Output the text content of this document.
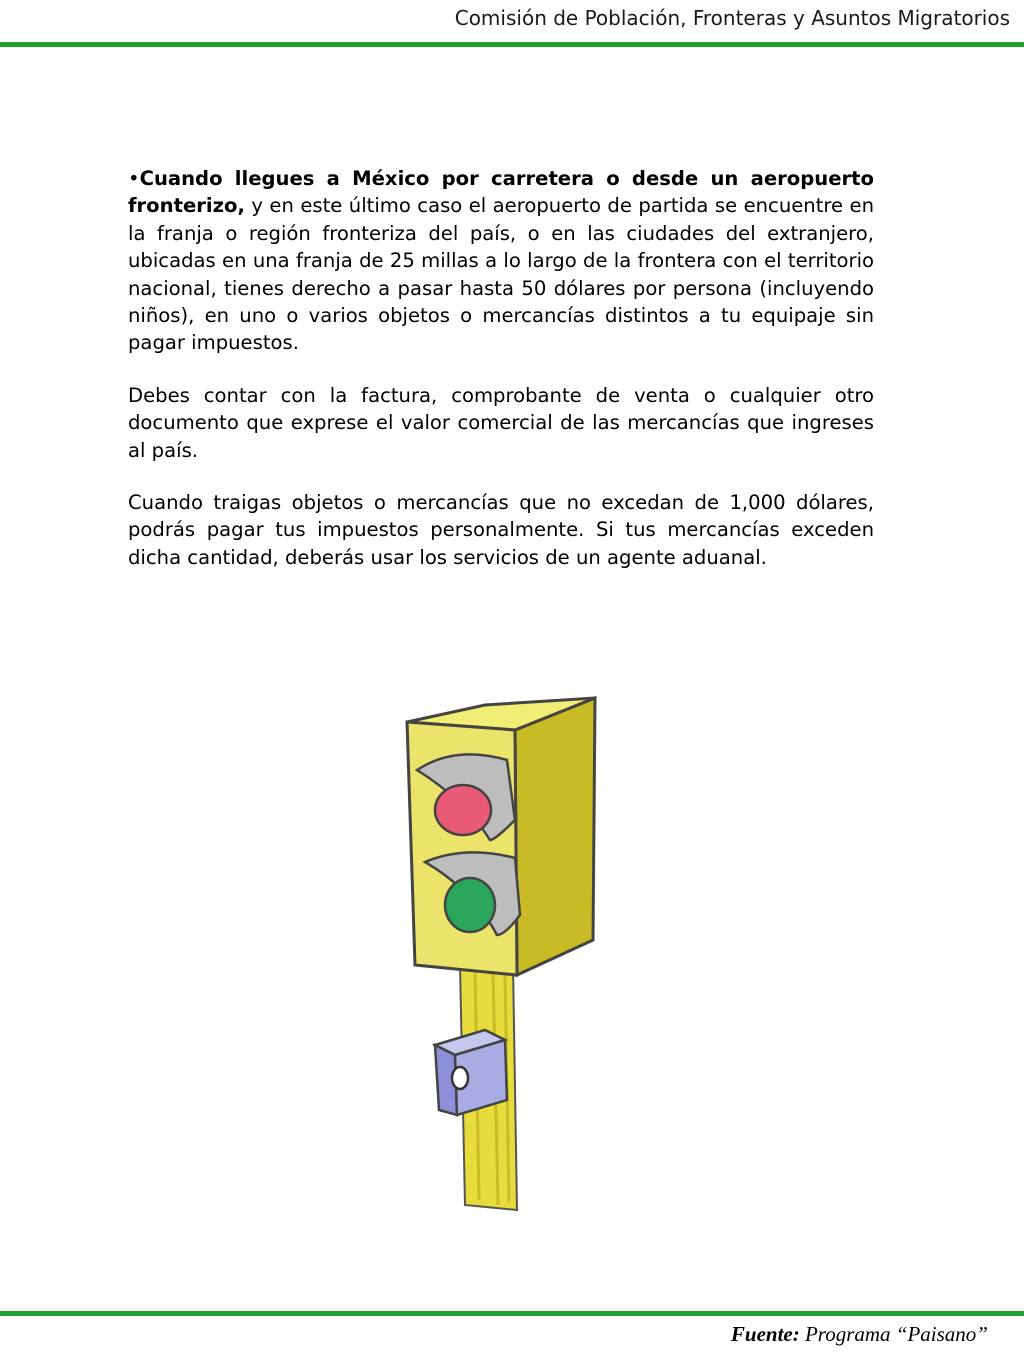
Comisión de Población, Fronteras y Asuntos Migratorios

•Cuando llegues a México por carretera o desde un aeropuerto fronterizo, y en este último caso el aeropuerto de partida se encuentre en la franja o región fronteriza del país, o en las ciudades del extranjero, ubicadas en una franja de 25 millas a lo largo de la frontera con el territorio nacional, tienes derecho a pasar hasta 50 dólares por persona (incluyendo niños), en uno o varios objetos o mercancías distintos a tu equipaje sin pagar impuestos.

Debes contar con la factura, comprobante de venta o cualquier otro documento que exprese el valor comercial de las mercancías que ingreses al país.

Cuando traigas objetos o mercancías que no excedan de 1,000 dólares, podrás pagar tus impuestos personalmente. Si tus mercancías exceden dicha cantidad, deberás usar los servicios de un agente aduanal.

Fuente: Programa “Paisano”
